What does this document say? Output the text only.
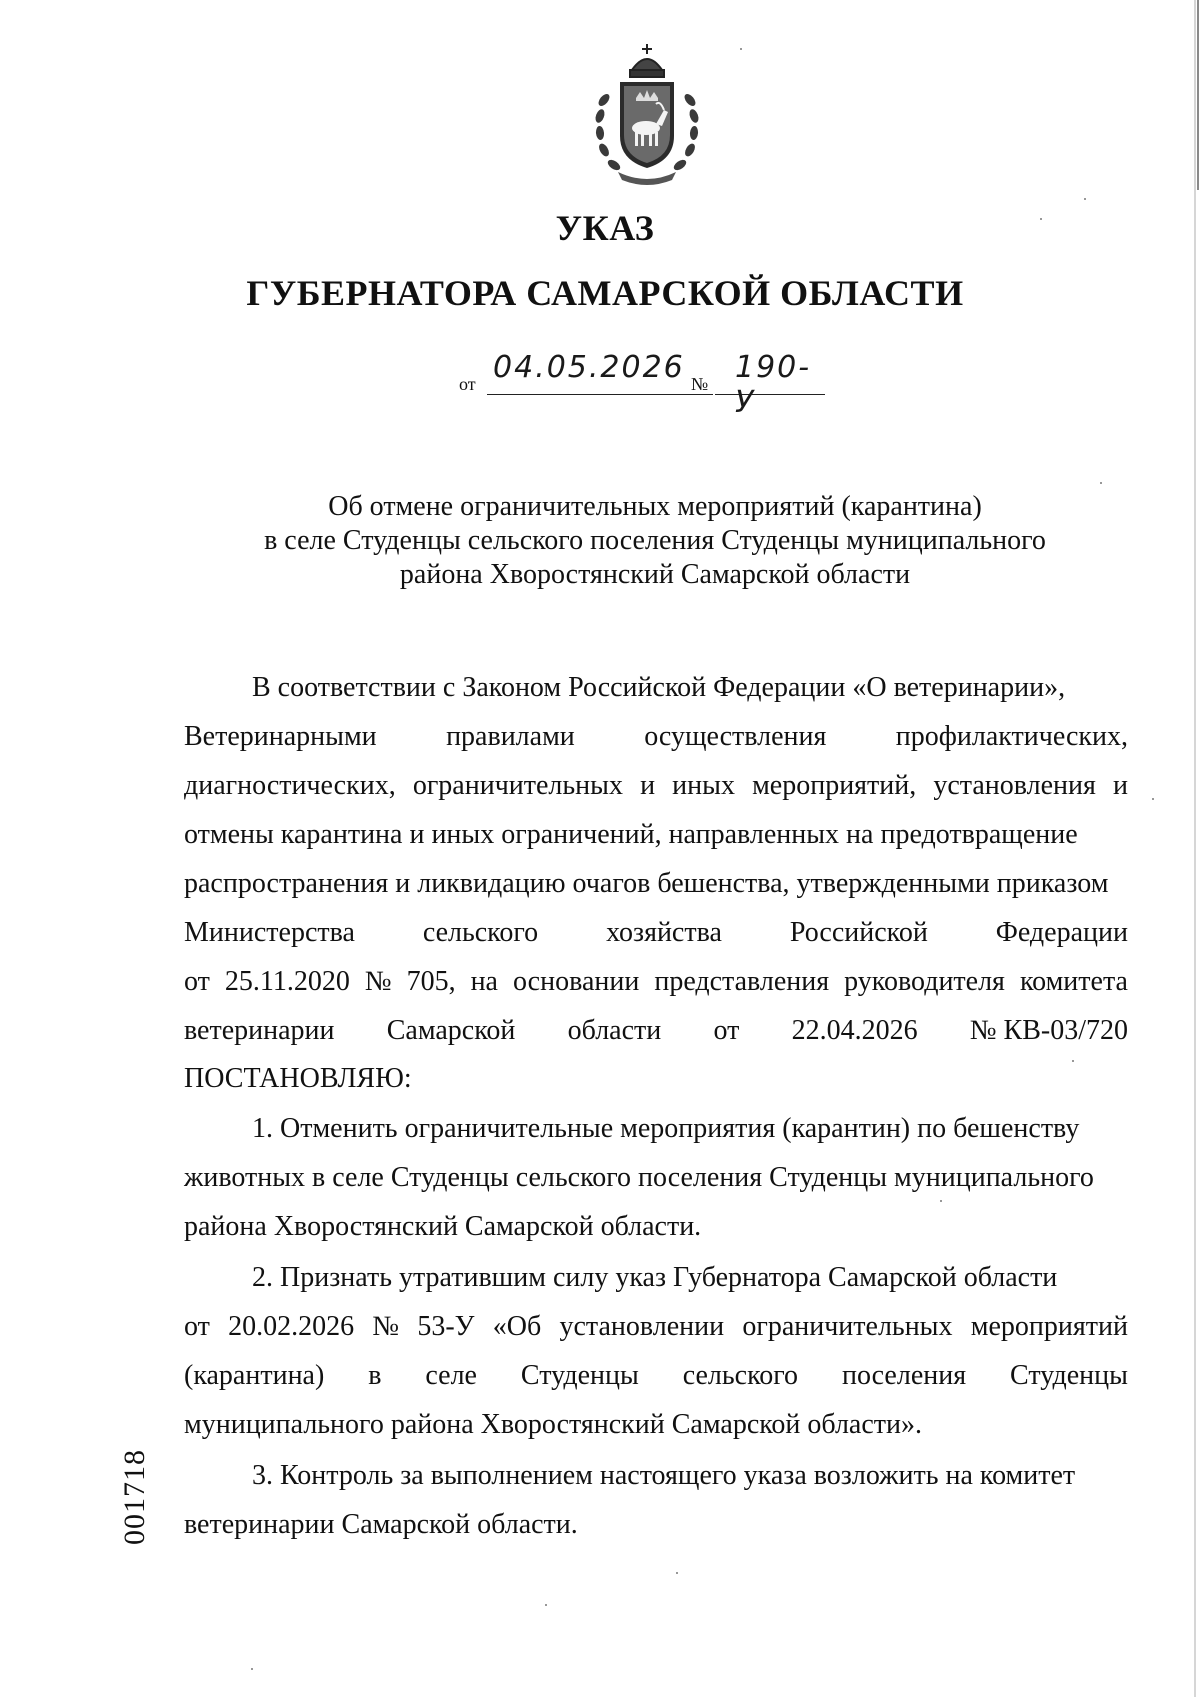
УКАЗ
ГУБЕРНАТОРА САМАРСКОЙ ОБЛАСТИ
от 04.05.2026 № 190-У
Об отмене ограничительных мероприятий (карантина)
в селе Студенцы сельского поселения Студенцы муниципального
района Хворостянский Самарской области
В соответствии с Законом Российской Федерации «О ветеринарии»,
Ветеринарными правилами осуществления профилактических,
диагностических, ограничительных и иных мероприятий, установления и
отмены карантина и иных ограничений, направленных на предотвращение
распространения и ликвидацию очагов бешенства, утвержденными приказом
Министерства сельского хозяйства Российской Федерации
от 25.11.2020 № 705, на основании представления руководителя комитета
ветеринарии Самарской области от 22.04.2026 № КВ-03/720
ПОСТАНОВЛЯЮ:
1. Отменить ограничительные мероприятия (карантин) по бешенству
животных в селе Студенцы сельского поселения Студенцы муниципального
района Хворостянский Самарской области.
2. Признать утратившим силу указ Губернатора Самарской области
от 20.02.2026 № 53-У «Об установлении ограничительных мероприятий
(карантина) в селе Студенцы сельского поселения Студенцы
муниципального района Хворостянский Самарской области».
3. Контроль за выполнением настоящего указа возложить на комитет
ветеринарии Самарской области.
001718
